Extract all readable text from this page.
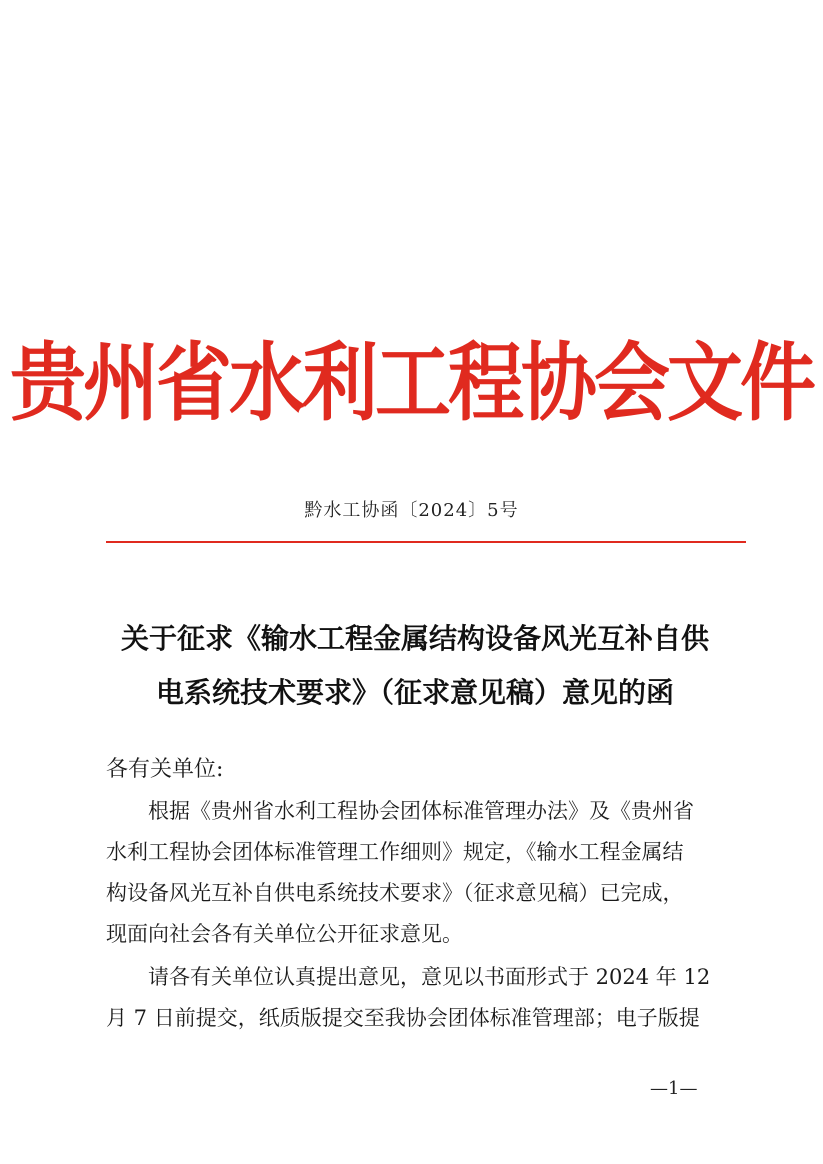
贵州省水利工程协会文件
黔水工协函〔2024〕5号
关于征求《输水工程金属结构设备风光互补自供
电系统技术要求》（征求意见稿）意见的函
各有关单位:
根据《贵州省水利工程协会团体标准管理办法》及《贵州省
水利工程协会团体标准管理工作细则》规定，《输水工程金属结
构设备风光互补自供电系统技术要求》（征求意见稿）已完成，
现面向社会各有关单位公开征求意见。
请各有关单位认真提出意见，意见以书面形式于 2024 年 12
月 7 日前提交，纸质版提交至我协会团体标准管理部；电子版提
—1—
